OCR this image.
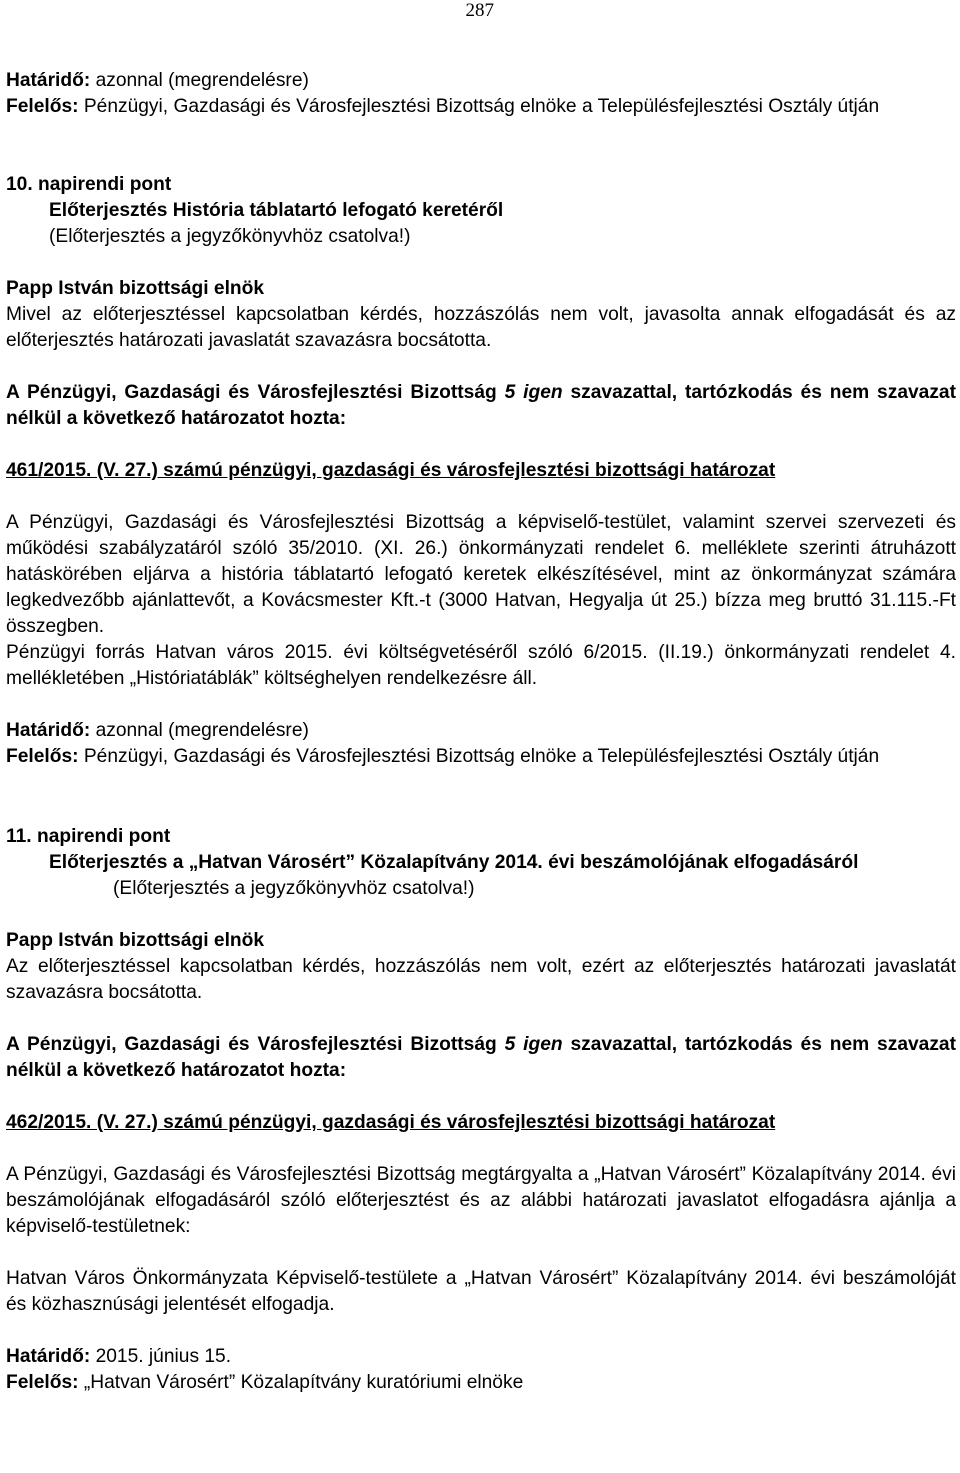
287

Határidő: azonnal (megrendelésre)

Felelős: Pénzügyi, Gazdasági és Városfejlesztési Bizottság elnöke a Településfejlesztési Osztály útján

10. napirendi pont

Előterjesztés História táblatartó lefogató keretéről

(Előterjesztés a jegyzőkönyvhöz csatolva!)

Papp István bizottsági elnök

Mivel az előterjesztéssel kapcsolatban kérdés, hozzászólás nem volt, javasolta annak elfogadását és az előterjesztés határozati javaslatát szavazásra bocsátotta.

A Pénzügyi, Gazdasági és Városfejlesztési Bizottság 5 igen szavazattal, tartózkodás és nem szavazat nélkül a következő határozatot hozta:

461/2015. (V. 27.) számú pénzügyi, gazdasági és városfejlesztési bizottsági határozat

A Pénzügyi, Gazdasági és Városfejlesztési Bizottság a képviselő-testület, valamint szervei szervezeti és működési szabályzatáról szóló 35/2010. (XI. 26.) önkormányzati rendelet 6. melléklete szerinti átruházott hatáskörében eljárva a história táblatartó lefogató keretek elkészítésével, mint az önkormányzat számára legkedvezőbb ajánlattevőt, a Kovácsmester Kft.-t (3000 Hatvan, Hegyalja út 25.) bízza meg bruttó 31.115.-Ft összegben.

Pénzügyi forrás Hatvan város 2015. évi költségvetéséről szóló 6/2015. (II.19.) önkormányzati rendelet 4. mellékletében „Históriatáblák” költséghelyen rendelkezésre áll.

Határidő: azonnal (megrendelésre)

Felelős: Pénzügyi, Gazdasági és Városfejlesztési Bizottság elnöke a Településfejlesztési Osztály útján

11. napirendi pont

Előterjesztés a „Hatvan Városért” Közalapítvány 2014. évi beszámolójának elfogadásáról

(Előterjesztés a jegyzőkönyvhöz csatolva!)

Papp István bizottsági elnök

Az előterjesztéssel kapcsolatban kérdés, hozzászólás nem volt, ezért az előterjesztés határozati javaslatát szavazásra bocsátotta.

A Pénzügyi, Gazdasági és Városfejlesztési Bizottság 5 igen szavazattal, tartózkodás és nem szavazat nélkül a következő határozatot hozta:

462/2015. (V. 27.) számú pénzügyi, gazdasági és városfejlesztési bizottsági határozat

A Pénzügyi, Gazdasági és Városfejlesztési Bizottság megtárgyalta a „Hatvan Városért” Közalapítvány 2014. évi beszámolójának elfogadásáról szóló előterjesztést és az alábbi határozati javaslatot elfogadásra ajánlja a képviselő-testületnek:

Hatvan Város Önkormányzata Képviselő-testülete a „Hatvan Városért” Közalapítvány 2014. évi beszámolóját és közhasznúsági jelentését elfogadja.

Határidő: 2015. június 15.

Felelős: „Hatvan Városért” Közalapítvány kuratóriumi elnöke
